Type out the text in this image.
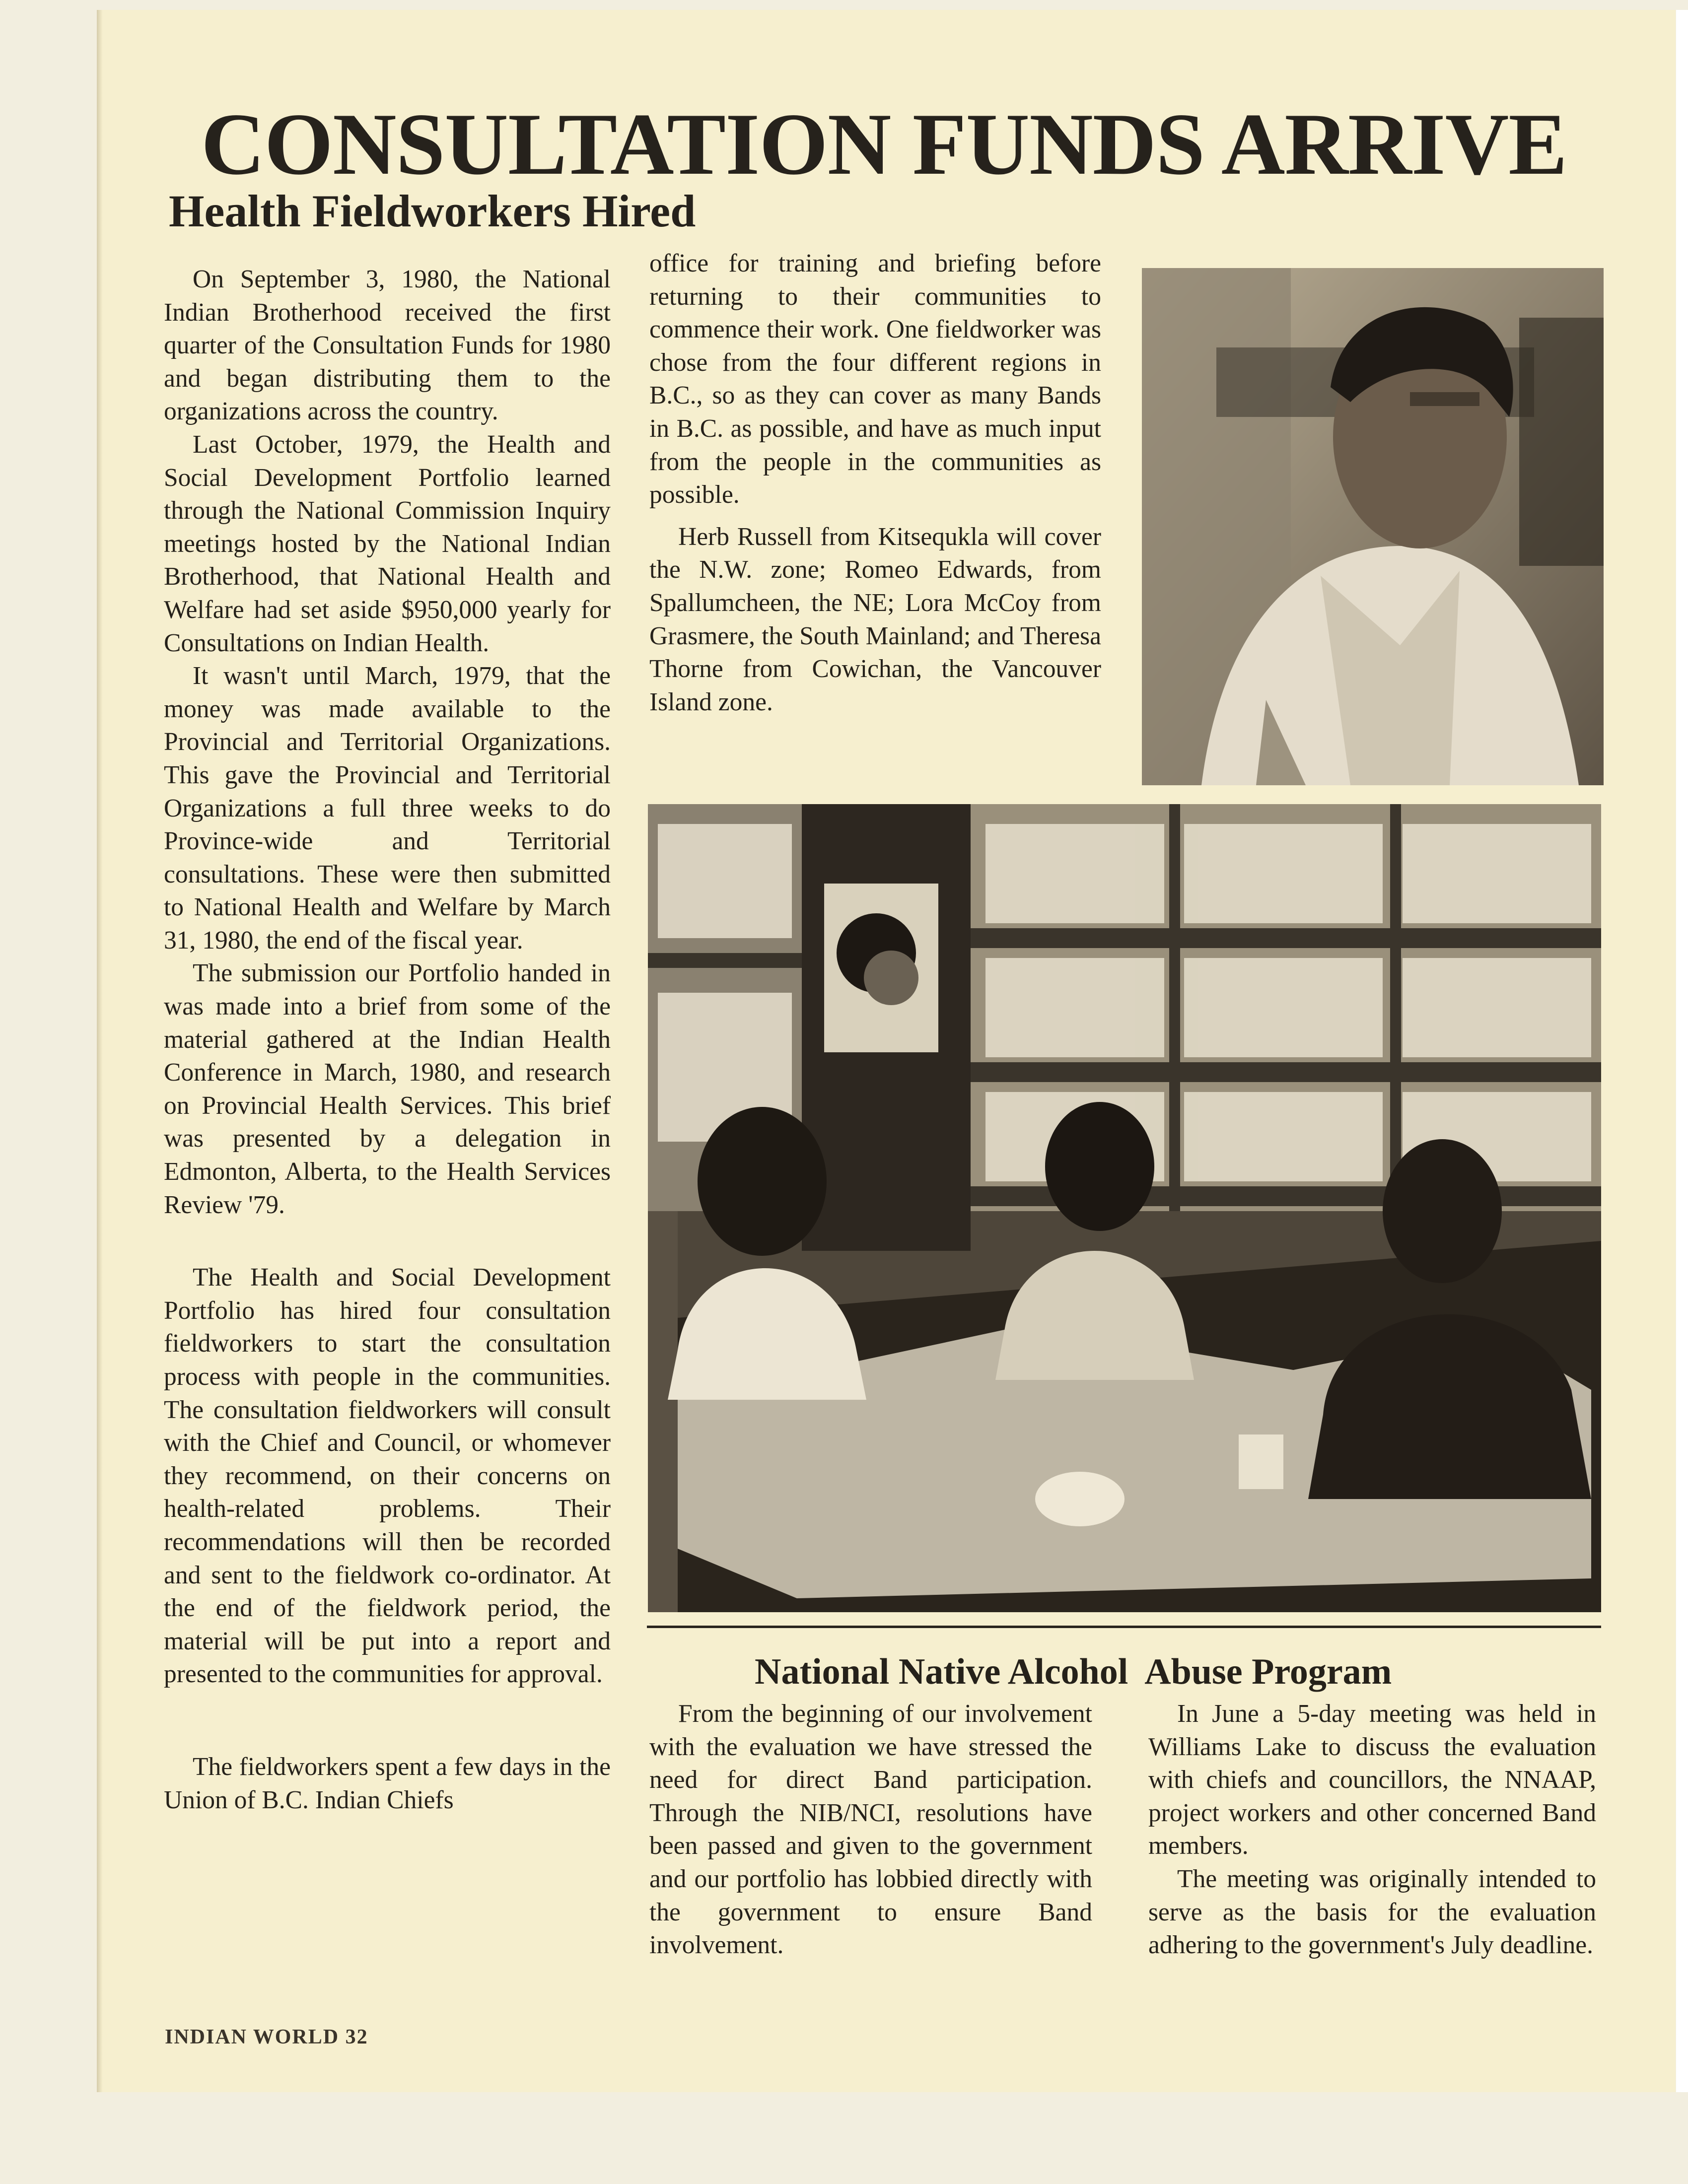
CONSULTATION FUNDS ARRIVE
Health Fieldworkers Hired

On September 3, 1980, the National Indian Brotherhood received the first quarter of the Consultation Funds for 1980 and began distributing them to the organizations across the country.

Last October, 1979, the Health and Social Development Portfolio learned through the National Commission Inquiry meetings hosted by the National Indian Brotherhood, that National Health and Welfare had set aside $950,000 yearly for Consultations on Indian Health.

It wasn't until March, 1979, that the money was made available to the Provincial and Territorial Organizations. This gave the Provincial and Territorial Organizations a full three weeks to do Province-wide and Territorial consultations. These were then submitted to National Health and Welfare by March 31, 1980, the end of the fiscal year.

The submission our Portfolio handed in was made into a brief from some of the material gathered at the Indian Health Conference in March, 1980, and research on Provincial Health Services. This brief was presented by a delegation in Edmonton, Alberta, to the Health Services Review '79.

The Health and Social Development Portfolio has hired four consultation fieldworkers to start the consultation process with people in the communities. The consultation fieldworkers will consult with the Chief and Council, or whomever they recommend, on their concerns on health-related problems. Their recommendations will then be recorded and sent to the fieldwork co-ordinator. At the end of the fieldwork period, the material will be put into a report and presented to the communities for approval.

The fieldworkers spent a few days in the Union of B.C. Indian Chiefs

office for training and briefing before returning to their communities to commence their work. One fieldworker was chose from the four different regions in B.C., so as they can cover as many Bands in B.C. as possible, and have as much input from the people in the communities as possible.

Herb Russell from Kitsequkla will cover the N.W. zone; Romeo Edwards, from Spallumcheen, the NE; Lora McCoy from Grasmere, the South Mainland; and Theresa Thorne from Cowichan, the Vancouver Island zone.

National Native Alcohol  Abuse Program

From the beginning of our involvement with the evaluation we have stressed the need for direct Band participation. Through the NIB/NCI, resolutions have been passed and given to the government and our portfolio has lobbied directly with the government to ensure Band involvement.

In June a 5-day meeting was held in Williams Lake to discuss the evaluation with chiefs and councillors, the NNAAP, project workers and other concerned Band members.

The meeting was originally intended to serve as the basis for the evaluation adhering to the government's July deadline.

INDIAN WORLD 32
